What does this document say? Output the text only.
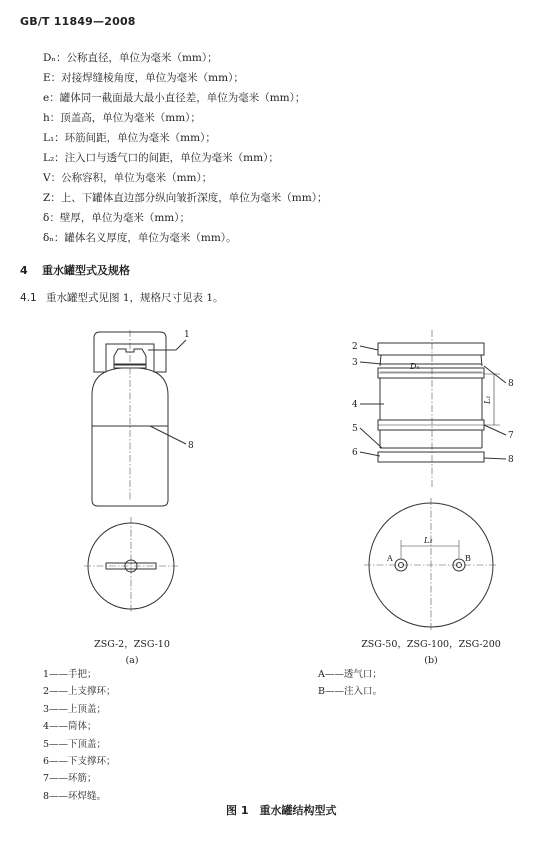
GB/T 11849—2008
Dₙ：公称直径，单位为毫米（mm）；
E：对接焊缝棱角度，单位为毫米（mm）；
e：罐体同一截面最大最小直径差，单位为毫米（mm）；
h：顶盖高，单位为毫米（mm）；
L₁：环筋间距，单位为毫米（mm）；
L₂：注入口与透气口的间距，单位为毫米（mm）；
V：公称容积，单位为毫米（mm）；
Z：上、下罐体直边部分纵向皱折深度，单位为毫米（mm）；
δ：壁厚，单位为毫米（mm）；
δₙ：罐体名义厚度，单位为毫米（mm）。
4 重水罐型式及规格
4.1 重水罐型式见图 1，规格尺寸见表 1。
1
8
Dₙ
L₁
2
3
4
5
6
8
7
8
L₂
A	B
ZSG-2，ZSG-10
(a)
ZSG-50，ZSG-100，ZSG-200
(b)
1——手把；
2——上支撑环；
3——上顶盖；
4——筒体；
5——下顶盖；
6——下支撑环；
7——环筋；
8——环焊缝。
A——透气口；
B——注入口。
图 1　重水罐结构型式
